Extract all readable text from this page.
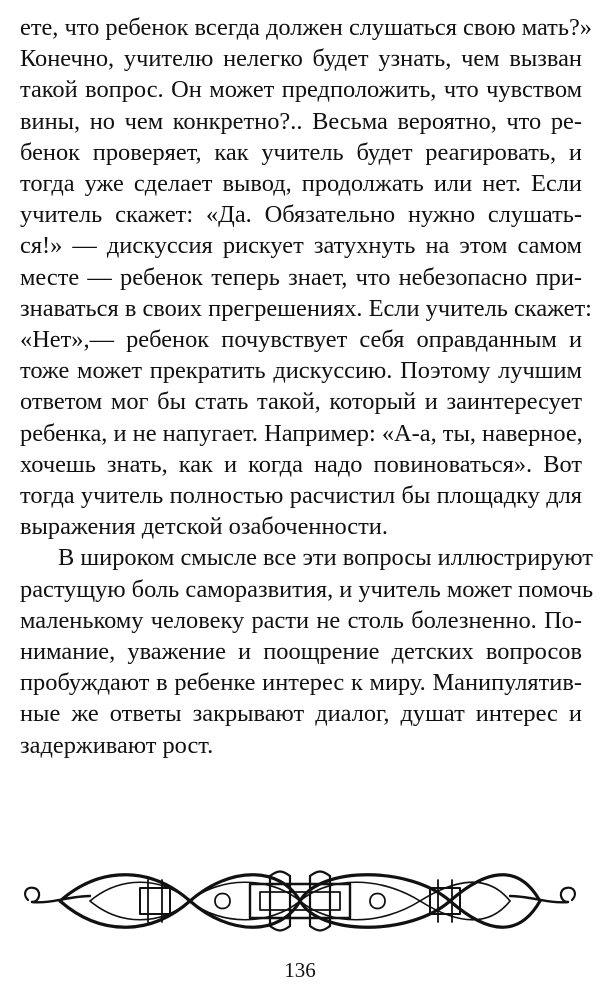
ете, что ребенок всегда должен слушаться свою мать?»
Конечно, учителю нелегко будет узнать, чем вызван
такой вопрос. Он может предположить, что чувством
вины, но чем конкретно?.. Весьма вероятно, что ре-
бенок проверяет, как учитель будет реагировать, и
тогда уже сделает вывод, продолжать или нет. Если
учитель скажет: «Да. Обязательно нужно слушать-
ся!» — дискуссия рискует затухнуть на этом самом
месте — ребенок теперь знает, что небезопасно при-
знаваться в своих прегрешениях. Если учитель скажет:
«Нет»,— ребенок почувствует себя оправданным и
тоже может прекратить дискуссию. Поэтому лучшим
ответом мог бы стать такой, который и заинтересует
ребенка, и не напугает. Например: «А-а, ты, наверное,
хочешь знать, как и когда надо повиноваться». Вот
тогда учитель полностью расчистил бы площадку для
выражения детской озабоченности.

В широком смысле все эти вопросы иллюстрируют
растущую боль саморазвития, и учитель может помочь
маленькому человеку расти не столь болезненно. По-
нимание, уважение и поощрение детских вопросов
пробуждают в ребенке интерес к миру. Манипулятив-
ные же ответы закрывают диалог, душат интерес и
задерживают рост.

136
